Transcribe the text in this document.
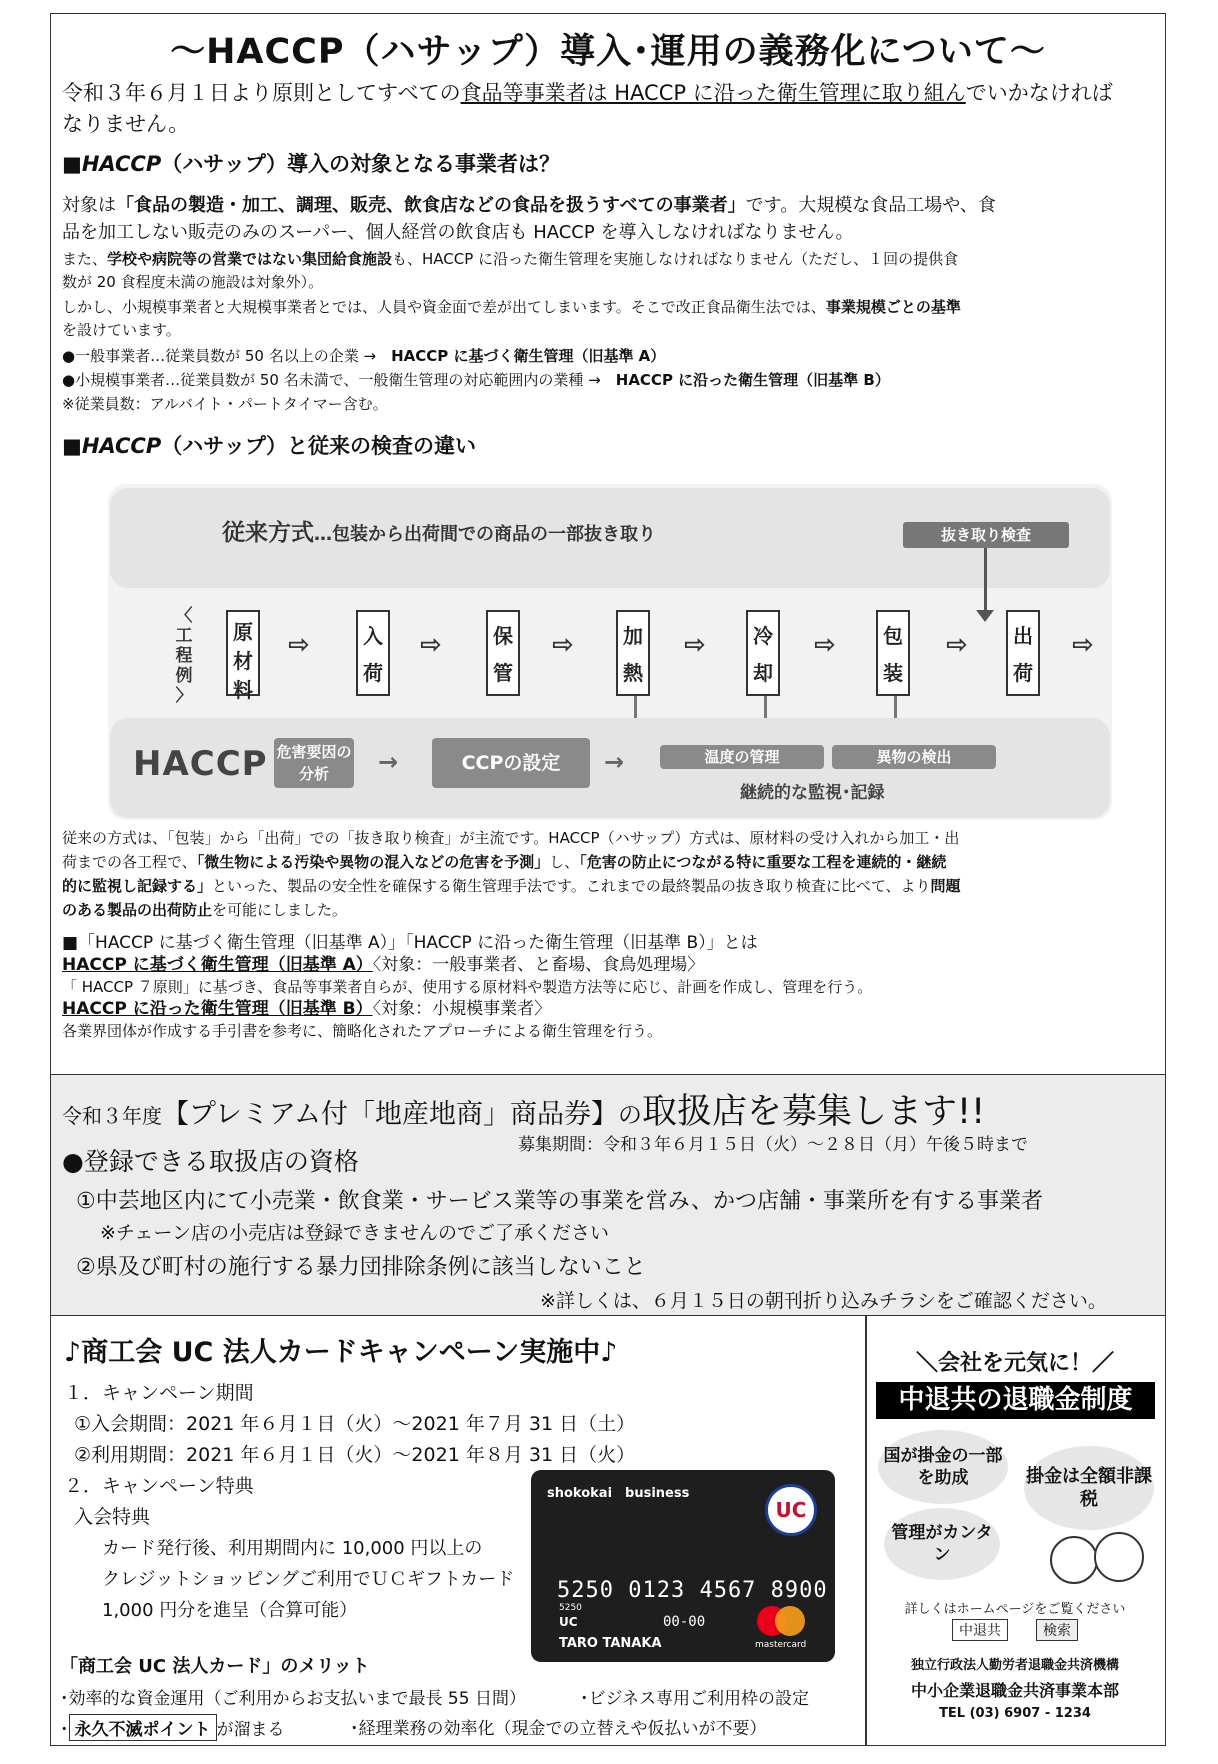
～HACCP（ハサップ）導入･運用の義務化について～
令和３年６月１日より原則としてすべての食品等事業者は HACCP に沿った衛生管理に取り組んでいかなければ
なりません。
■HACCP（ハサップ）導入の対象となる事業者は？
対象は「食品の製造・加工、調理、販売、飲食店などの食品を扱うすべての事業者」です。大規模な食品工場や、食
品を加工しない販売のみのスーパー、個人経営の飲食店も HACCP を導入しなければなりません。
また、学校や病院等の営業ではない集団給食施設も、HACCP に沿った衛生管理を実施しなければなりません（ただし、１回の提供食
数が 20 食程度未満の施設は対象外）。
しかし、小規模事業者と大規模事業者とでは、人員や資金面で差が出てしまいます。そこで改正食品衛生法では、事業規模ごとの基準
を設けています。
●一般事業者…従業員数が 50 名以上の企業 →　HACCP に基づく衛生管理（旧基準 A）
●小規模事業者…従業員数が 50 名未満で、一般衛生管理の対応範囲内の業種 →　HACCP に沿った衛生管理（旧基準 B）
※従業員数：アルバイト・パートタイマー含む。
■HACCP（ハサップ）と従来の検査の違い
従来方式…包装から出荷間での商品の一部抜き取り	抜き取り検査
〈
工
程
例
〉
原
材
料
⇨	入
荷
⇨	保
管
⇨ 加
熱
⇨ 冷
却
⇨ 包
装
⇨ 出
荷
⇨
HACCP 危害要因の分析	→	CCPの設定	→	温度の管理	異物の検出
継続的な監視･記録
従来の方式は、「包装」から「出荷」での「抜き取り検査」が主流です。HACCP（ハサップ）方式は、原材料の受け入れから加工・出
荷までの各工程で、「微生物による汚染や異物の混入などの危害を予測」し、「危害の防止につながる特に重要な工程を連続的・継続
的に監視し記録する」といった、製品の安全性を確保する衛生管理手法です。これまでの最終製品の抜き取り検査に比べて、より問題
のある製品の出荷防止を可能にしました。
■「HACCP に基づく衛生管理（旧基準 A）」「HACCP に沿った衛生管理（旧基準 B）」とは
HACCP に基づく衛生管理（旧基準 A）〈対象：一般事業者、と畜場、食鳥処理場〉
「 HACCP ７原則」に基づき、食品等事業者自らが、使用する原材料や製造方法等に応じ、計画を作成し、管理を行う。
HACCP に沿った衛生管理（旧基準 B）〈対象：小規模事業者〉
各業界団体が作成する手引書を参考に、簡略化されたアプローチによる衛生管理を行う。
令和３年度【プレミアム付「地産地商」商品券】の取扱店を募集します!!
募集期間：令和３年６月１５日（火）～２８日（月）午後５時まで
●登録できる取扱店の資格
①中芸地区内にて小売業・飲食業・サービス業等の事業を営み、かつ店舗・事業所を有する事業者
※チェーン店の小売店は登録できませんのでご了承ください
②県及び町村の施行する暴力団排除条例に該当しないこと
※詳しくは、６月１５日の朝刊折り込みチラシをご確認ください。
♪商工会 UC 法人カードキャンペーン実施中♪
１．キャンペーン期間
①入会期間：2021 年６月１日（火）～2021 年７月 31 日（土）
②利用期間：2021 年６月１日（火）～2021 年８月 31 日（火）
２．キャンペーン特典
入会特典
カード発行後、利用期間内に 10,000 円以上の
クレジットショッピングご利用でＵＣギフトカード
1,000 円分を進呈（合算可能）
「商工会 UC 法人カード」のメリット
･効率的な資金運用（ご利用からお支払いまで最長 55 日間）	･ビジネス専用ご利用枠の設定
･ 永久不滅ポイント が溜まる	･経理業務の効率化（現金での立替えや仮払いが不要）
shokokai　business
UC
5250 0123 4567 8900
5250
UC	00-00
TARO TANAKA	mastercard
＼会社を元気に！／
中退共の退職金制度
国が掛金の一部を助成	掛金は全額非課税
管理がカンタン
詳しくはホームページをご覧ください
中退共	検索
独立行政法人勤労者退職金共済機構
中小企業退職金共済事業本部
TEL (03) 6907 - 1234
